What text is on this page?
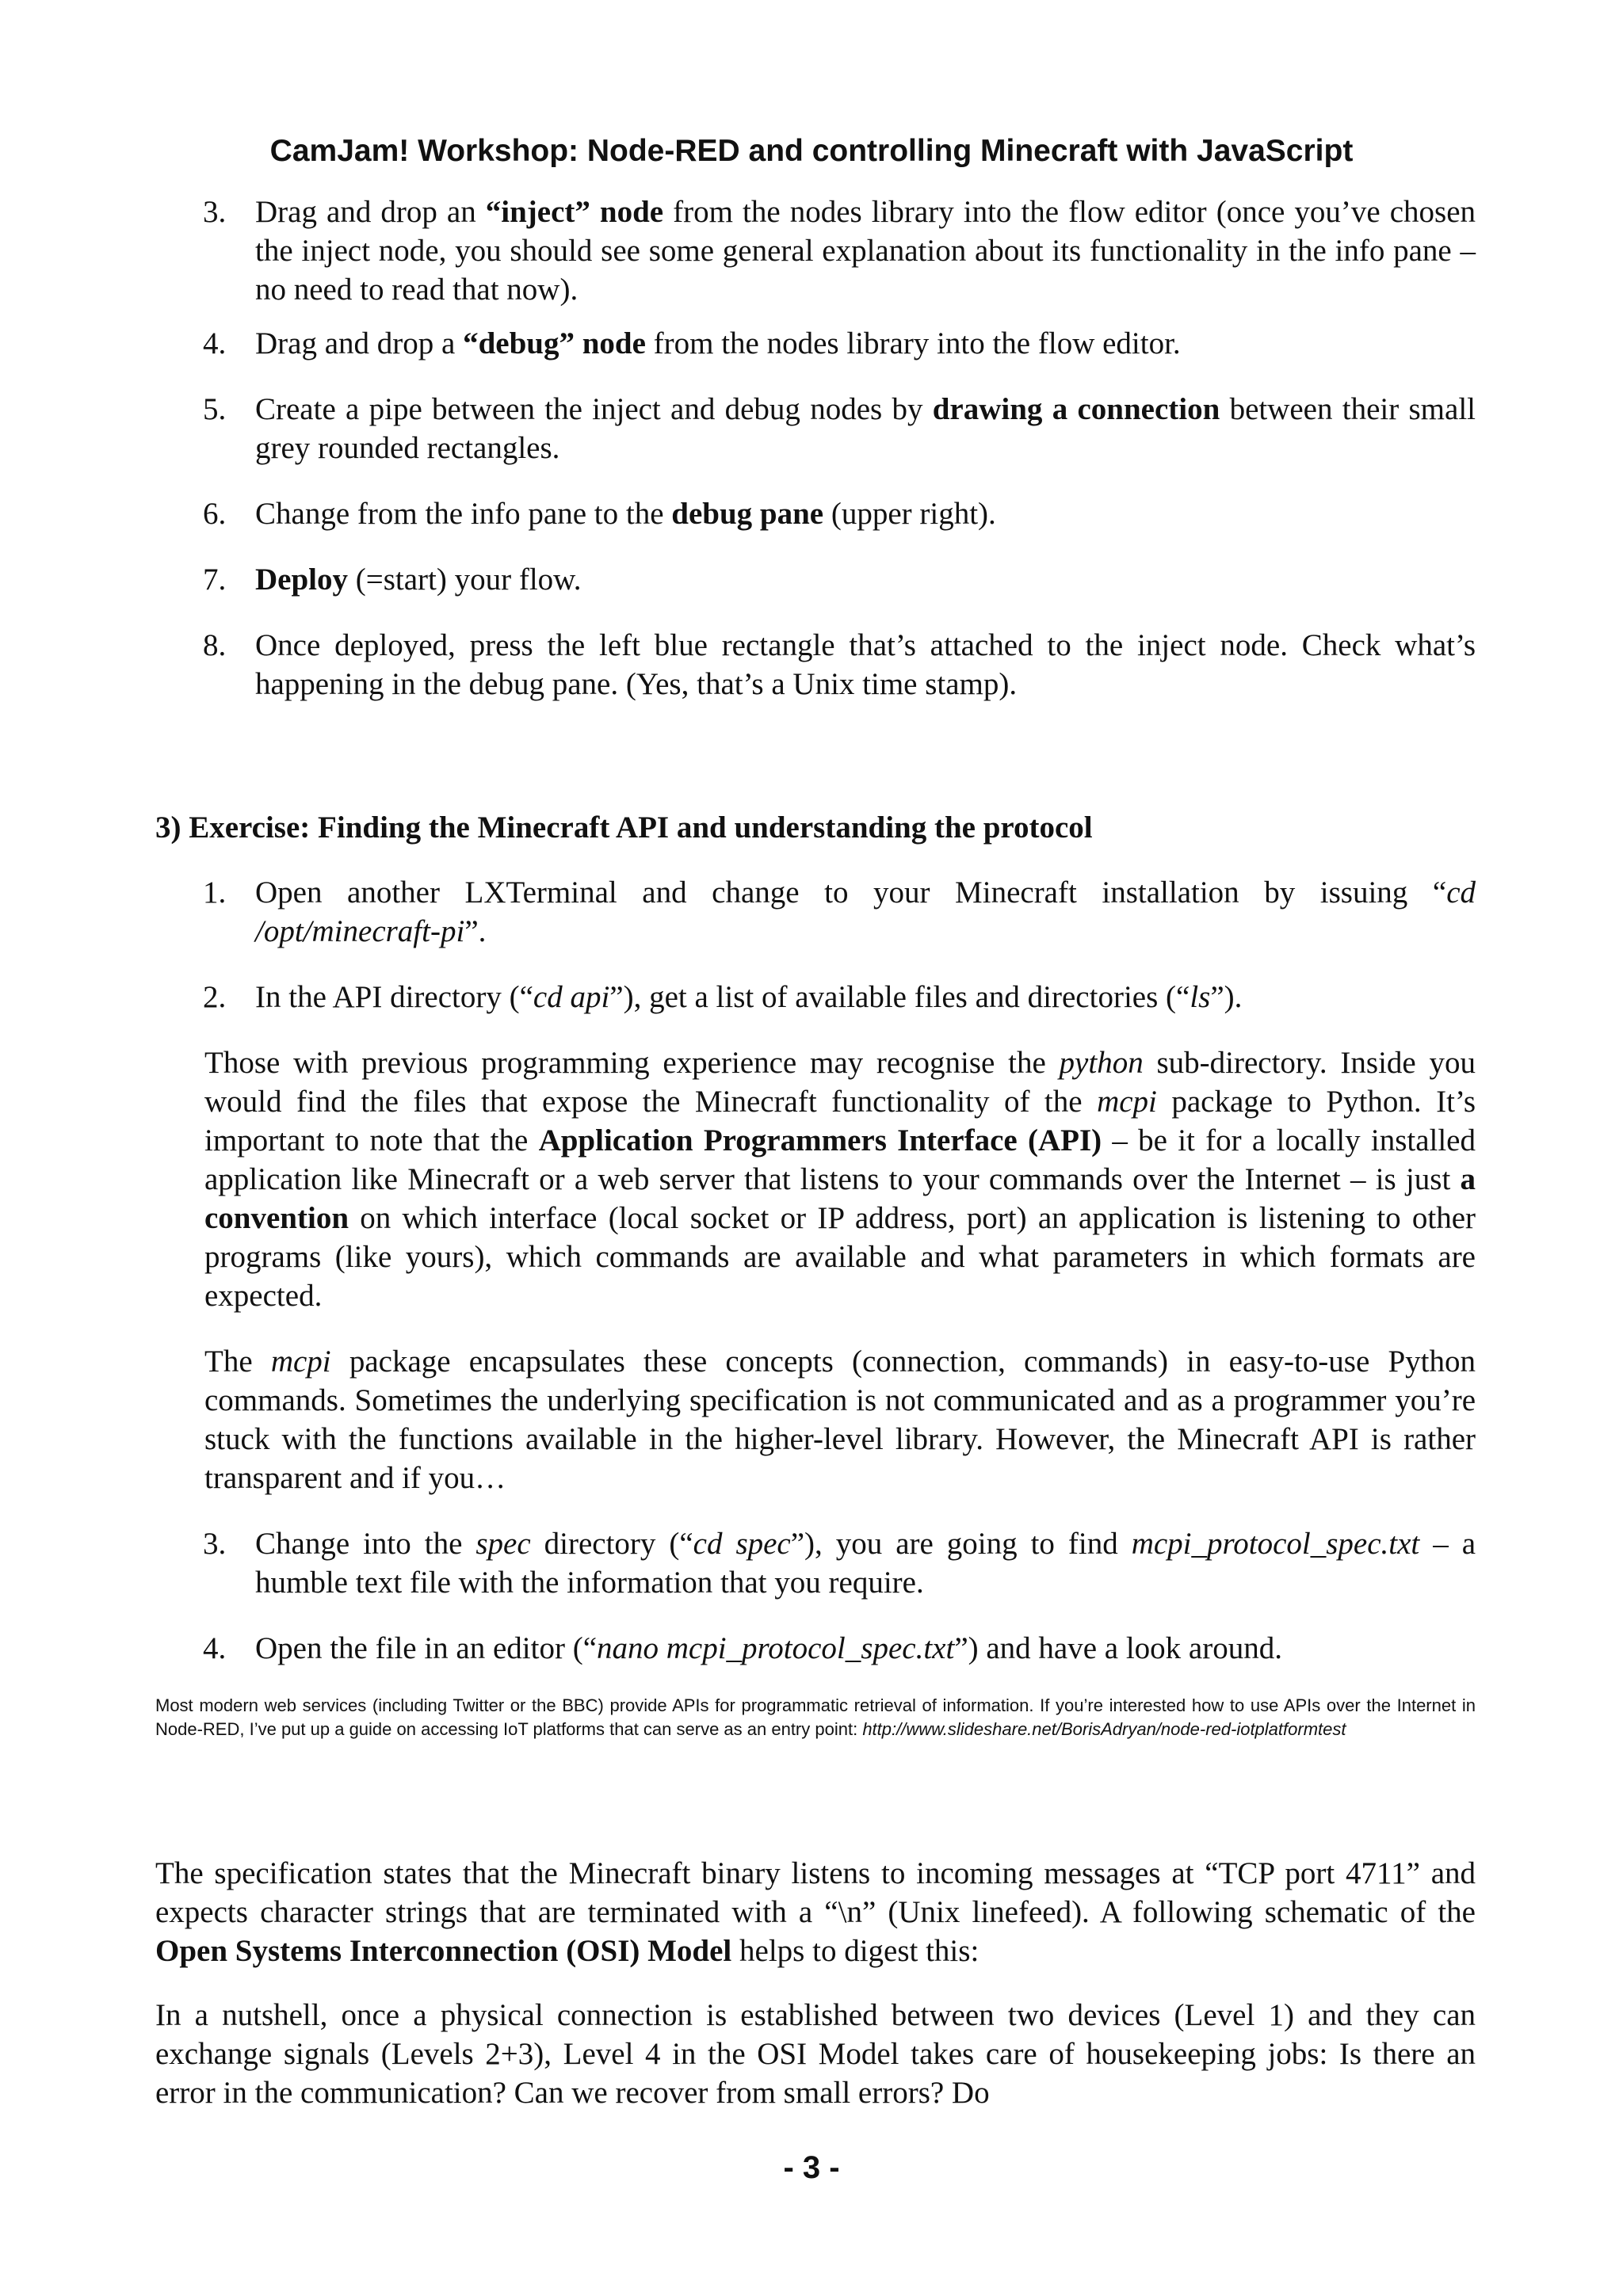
CamJam! Workshop: Node-RED and controlling Minecraft with JavaScript
3. Drag and drop an “inject” node from the nodes library into the flow editor (once you’ve chosen the inject node, you should see some general explanation about its functionality in the info pane – no need to read that now).
4. Drag and drop a “debug” node from the nodes library into the flow editor.
5. Create a pipe between the inject and debug nodes by drawing a connection between their small grey rounded rectangles.
6. Change from the info pane to the debug pane (upper right).
7. Deploy (=start) your flow.
8. Once deployed, press the left blue rectangle that’s attached to the inject node. Check what’s happening in the debug pane. (Yes, that’s a Unix time stamp).
3) Exercise: Finding the Minecraft API and understanding the protocol
1. Open another LXTerminal and change to your Minecraft installation by issuing “cd /opt/minecraft-pi”.
2. In the API directory (“cd api”), get a list of available files and directories (“ls”).
Those with previous programming experience may recognise the python sub-directory. Inside you would find the files that expose the Minecraft functionality of the mcpi package to Python. It’s important to note that the Application Programmers Interface (API) – be it for a locally installed application like Minecraft or a web server that listens to your commands over the Internet – is just a convention on which interface (local socket or IP address, port) an application is listening to other programs (like yours), which commands are available and what parameters in which formats are expected.
The mcpi package encapsulates these concepts (connection, commands) in easy-to-use Python commands. Sometimes the underlying specification is not communicated and as a programmer you’re stuck with the functions available in the higher-level library. However, the Minecraft API is rather transparent and if you…
3. Change into the spec directory (“cd spec”), you are going to find mcpi_protocol_spec.txt – a humble text file with the information that you require.
4. Open the file in an editor (“nano mcpi_protocol_spec.txt”) and have a look around.
Most modern web services (including Twitter or the BBC) provide APIs for programmatic retrieval of information. If you’re interested how to use APIs over the Internet in Node-RED, I’ve put up a guide on accessing IoT platforms that can serve as an entry point: http://www.slideshare.net/BorisAdryan/node-red-iotplatformtest
The specification states that the Minecraft binary listens to incoming messages at “TCP port 4711” and expects character strings that are terminated with a “\n” (Unix linefeed). A following schematic of the Open Systems Interconnection (OSI) Model helps to digest this:
In a nutshell, once a physical connection is established between two devices (Level 1) and they can exchange signals (Levels 2+3), Level 4 in the OSI Model takes care of housekeeping jobs: Is there an error in the communication? Can we recover from small errors? Do
- 3 -
